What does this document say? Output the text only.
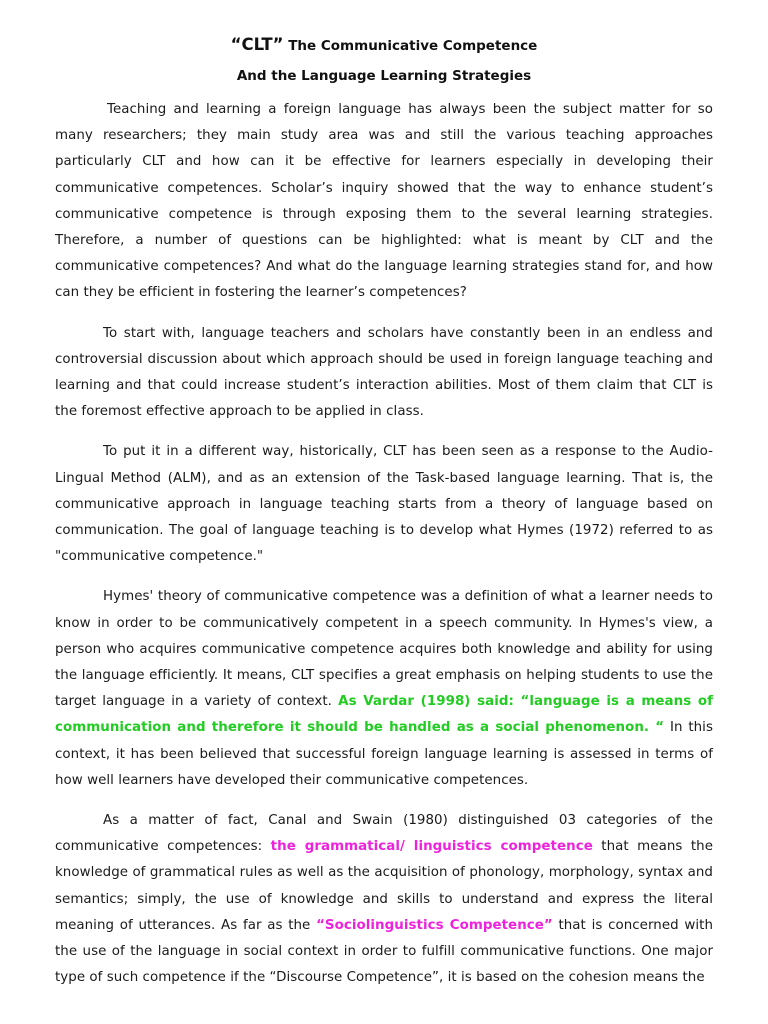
“CLT” The Communicative Competence
And the Language Learning Strategies

Teaching and learning a foreign language has always been the subject matter for so many researchers; they main study area was and still the various teaching approaches particularly CLT and how can it be effective for learners especially in developing their communicative competences. Scholar’s inquiry showed that the way to enhance student’s communicative competence is through exposing them to the several learning strategies. Therefore, a number of questions can be highlighted: what is meant by CLT and the communicative competences? And what do the language learning strategies stand for, and how can they be efficient in fostering the learner’s competences?

To start with, language teachers and scholars have constantly been in an endless and controversial discussion about which approach should be used in foreign language teaching and learning and that could increase student’s interaction abilities. Most of them claim that CLT is the foremost effective approach to be applied in class.

To put it in a different way, historically, CLT has been seen as a response to the Audio-Lingual Method (ALM), and as an extension of the Task-based language learning. That is, the communicative approach in language teaching starts from a theory of language based on communication. The goal of language teaching is to develop what Hymes (1972) referred to as "communicative competence."

Hymes' theory of communicative competence was a definition of what a learner needs to know in order to be communicatively competent in a speech community. In Hymes's view, a person who acquires communicative competence acquires both knowledge and ability for using the language efficiently. It means, CLT specifies a great emphasis on helping students to use the target language in a variety of context. As Vardar (1998) said: “language is a means of communication and therefore it should be handled as a social phenomenon. “ In this context, it has been believed that successful foreign language learning is assessed in terms of how well learners have developed their communicative competences.

As a matter of fact, Canal and Swain (1980) distinguished 03 categories of the communicative competences: the grammatical/ linguistics competence that means the knowledge of grammatical rules as well as the acquisition of phonology, morphology, syntax and semantics; simply, the use of knowledge and skills to understand and express the literal meaning of utterances. As far as the “Sociolinguistics Competence” that is concerned with the use of the language in social context in order to fulfill communicative functions. One major type of such competence if the “Discourse Competence”, it is based on the cohesion means the
